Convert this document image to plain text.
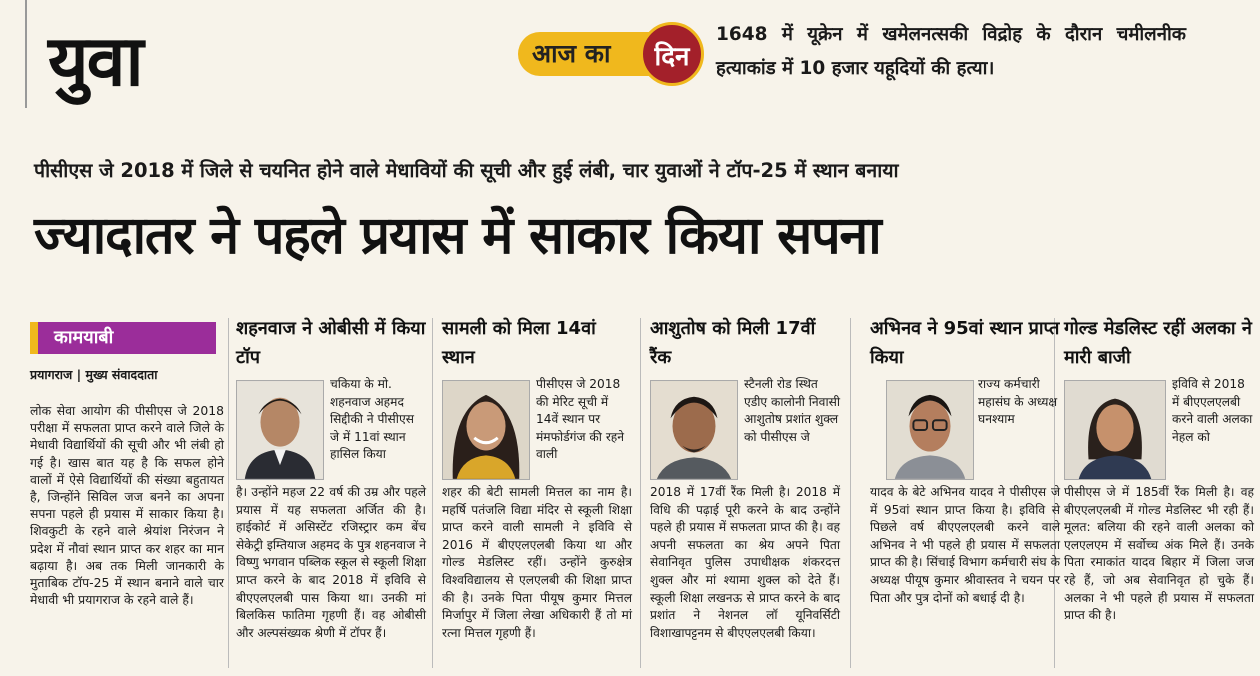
युवा	आज का	दिन
1648 में यूक्रेन में खमेलनत्सकी विद्रोह के दौरान चमीलनीक हत्याकांड में 10 हजार यहूदियों की हत्या।
पीसीएस जे 2018 में जिले से चयनित होने वाले मेधावियों की सूची और हुई लंबी, चार युवाओं ने टॉप-25 में स्थान बनाया
ज्यादातर ने पहले प्रयास में साकार किया सपना
कामयाबी
प्रयागराज | मुख्य संवाददाता
लोक सेवा आयोग की पीसीएस जे 2018 परीक्षा में सफलता प्राप्त करने वाले जिले के मेधावी विद्यार्थियों की सूची और भी लंबी हो गई है। खास बात यह है कि सफल होने वालों में ऐसे विद्यार्थियों की संख्या बहुतायत है, जिन्होंने सिविल जज बनने का अपना सपना पहले ही प्रयास में साकार किया है। शिवकुटी के रहने वाले श्रेयांश निरंजन ने प्रदेश में नौवां स्थान प्राप्त कर शहर का मान बढ़ाया है। अब तक मिली जानकारी के मुताबिक टॉप-25 में स्थान बनाने वाले चार मेधावी भी प्रयागराज के रहने वाले हैं।
शहनवाज ने ओबीसी में किया टॉप
चकिया के मो. शहनवाज अहमद सिद्दीकी ने पीसीएस जे में 11वां स्थान हासिल किया
है। उन्होंने महज 22 वर्ष की उम्र और पहले प्रयास में यह सफलता अर्जित की है। हाईकोर्ट में असिस्टेंट रजिस्ट्रार कम बेंच सेकेट्री इम्तियाज अहमद के पुत्र शहनवाज ने विष्णु भगवान पब्लिक स्कूल से स्कूली शिक्षा प्राप्त करने के बाद 2018 में इविवि से बीएएलएलबी पास किया था। उनकी मां बिलकिस फातिमा गृहणी हैं। वह ओबीसी और अल्पसंख्यक श्रेणी में टॉपर हैं।
सामली को मिला 14वां स्थान
पीसीएस जे 2018 की मेरिट सूची में 14वें स्थान पर मंमफोर्डगंज की रहने वाली
शहर की बेटी सामली मित्तल का नाम है। महर्षि पतंजलि विद्या मंदिर से स्कूली शिक्षा प्राप्त करने वाली सामली ने इविवि से 2016 में बीएएलएलबी किया था और गोल्ड मेडलिस्ट रहीं। उन्होंने कुरुक्षेत्र विश्वविद्यालय से एलएलबी की शिक्षा प्राप्त की है। उनके पिता पीयूष कुमार मित्तल मिर्जापुर में जिला लेखा अधिकारी हैं तो मां रत्ना मित्तल गृहणी हैं।
आशुतोष को मिली 17वीं रैंक
स्टैनली रोड स्थित एडीए कालोनी निवासी आशुतोष प्रशांत शुक्ल को पीसीएस जे
2018 में 17वीं रैंक मिली है। 2018 में विधि की पढ़ाई पूरी करने के बाद उन्होंने पहले ही प्रयास में सफलता प्राप्त की है। वह अपनी सफलता का श्रेय अपने पिता सेवानिवृत पुलिस उपाधीक्षक शंकरदत्त शुक्ल और मां श्यामा शुक्ल को देते हैं। स्कूली शिक्षा लखनऊ से प्राप्त करने के बाद प्रशांत ने नेशनल लॉ यूनिवर्सिटी विशाखापट्टनम से बीएएलएलबी किया।
अभिनव ने 95वां स्थान प्राप्त किया
राज्य कर्मचारी महासंघ के अध्यक्ष घनश्याम
यादव के बेटे अभिनव यादव ने पीसीएस जे में 95वां स्थान प्राप्त किया है। इविवि से पिछले वर्ष बीएएलएलबी करने वाले अभिनव ने भी पहले ही प्रयास में सफलता प्राप्त की है। सिंचाई विभाग कर्मचारी संघ के अध्यक्ष पीयूष कुमार श्रीवास्तव ने चयन पर पिता और पुत्र दोनों को बधाई दी है।
गोल्ड मेडलिस्ट रहीं अलका ने मारी बाजी
इविवि से 2018 में बीएएलएलबी करने वाली अलका नेहल को
पीसीएस जे में 185वीं रैंक मिली है। वह बीएएलएलबी में गोल्ड मेडलिस्ट भी रही हैं। मूलत: बलिया की रहने वाली अलका को एलएलएम में सर्वोच्च अंक मिले हैं। उनके पिता रमाकांत यादव बिहार में जिला जज रहे हैं, जो अब सेवानिवृत हो चुके हैं। अलका ने भी पहले ही प्रयास में सफलता प्राप्त की है।
